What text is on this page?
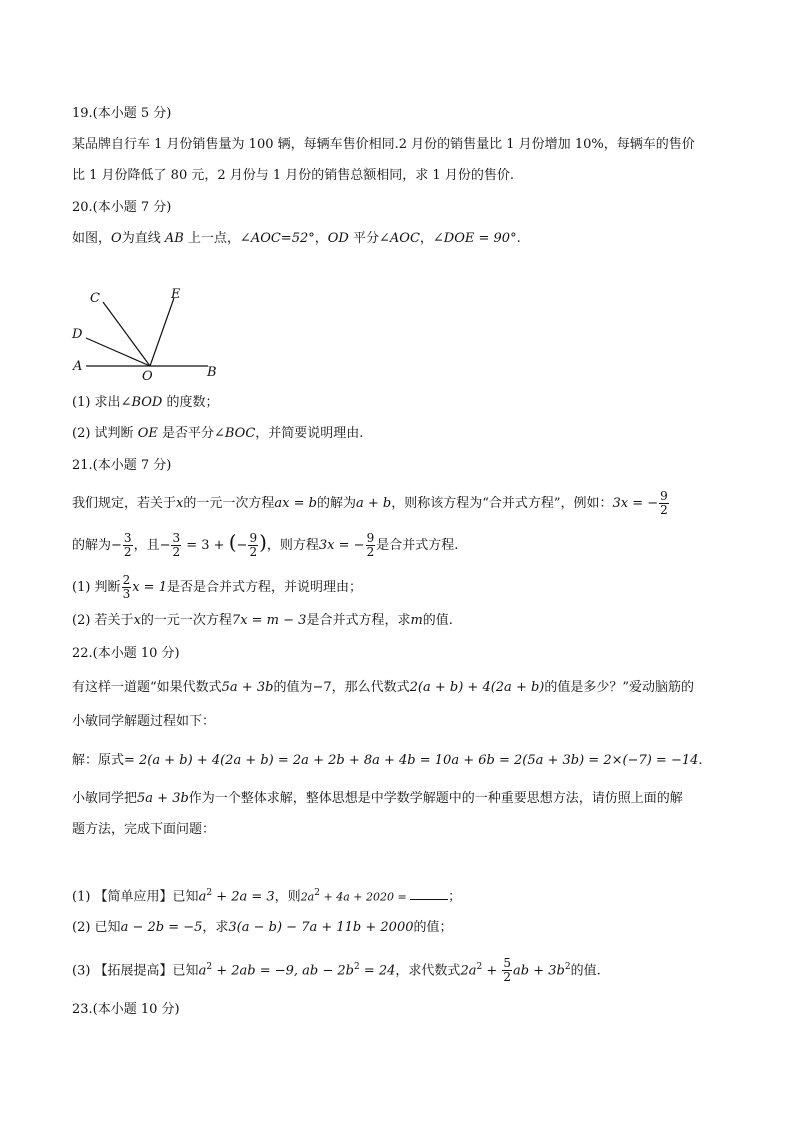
19.(本小题 5 分)
某品牌自行车 1 月份销售量为 100 辆，每辆车售价相同.2 月份的销售量比 1 月份增加 10%，每辆车的售价
比 1 月份降低了 80 元，2 月份与 1 月份的销售总额相同，求 1 月份的售价.
20.(本小题 7 分)
如图，O为直线 AB 上一点，∠AOC=52°，OD 平分∠AOC，∠DOE = 90°.
A	B
C
D
E
O
(1) 求出∠BOD 的度数；
(2) 试判断 OE 是否平分∠BOC，并简要说明理由.
21.(本小题 7 分)
我们规定，若关于x的一元一次方程ax = b的解为a + b，则称该方程为“合并式方程”，例如：3x = − $\frac{9}{2}$
的解为− $\frac{3}{2}$ ，且− $\frac{3}{2} = 3$ + (− $\frac{9}{2}$ )，则方程3x = − $\frac{9}{2}$ 是合并式方程.
(1) 判断 $\frac{2}{3}$ x = 1是否是合并式方程，并说明理由；
(2) 若关于x的一元一次方程7x = m − 3是合并式方程，求m的值.
22.(本小题 10 分)
有这样一道题“如果代数式5a + 3b的值为−7，那么代数式2(a + b) + 4(2a + b)的值是多少？”爱动脑筋的
小敏同学解题过程如下：
解：原式= 2(a + b) + 4(2a + b) = 2a + 2b + 8a + 4b = 10a + 6b = 2(5a + 3b) = 2×(−7) = −14.
小敏同学把5a + 3b作为一个整体求解，整体思想是中学数学解题中的一种重要思想方法，请仿照上面的解
题方法，完成下面问题：
(1) 【简单应用】已知$a^2 + 2a = 3$，则$2a^2 + 4a + 2020$ =	；
(2) 已知a − 2b = −5，求3(a − b) − 7a + 11b + 2000的值；
(3) 【拓展提高】已知$a^2 + 2ab = -9$, ab − $2b^2 = 24$，求代数式$2a^2 + \frac{5}{2}$ ab + $3b^2$的值.
23.(本小题 10 分)
